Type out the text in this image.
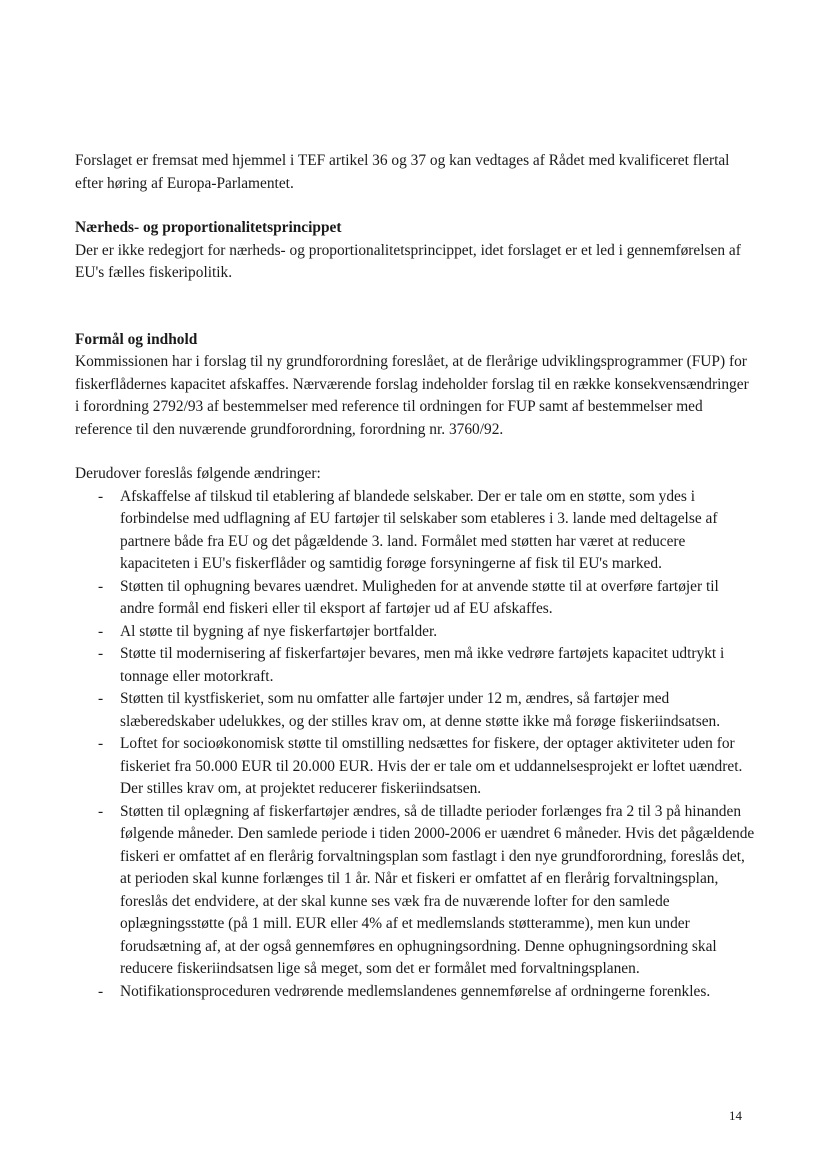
Forslaget er fremsat med hjemmel i TEF artikel 36 og 37 og kan vedtages af Rådet med kvalificeret flertal efter høring af Europa-Parlamentet.

Nærheds- og proportionalitetsprincippet

Der er ikke redegjort for nærheds- og proportionalitetsprincippet, idet forslaget er et led i gennemførelsen af EU's fælles fiskeripolitik.

Formål og indhold

Kommissionen har i forslag til ny grundforordning foreslået, at de flerårige udviklingsprogrammer (FUP) for fiskerflådernes kapacitet afskaffes. Nærværende forslag indeholder forslag til en række konsekvensændringer i forordning 2792/93 af bestemmelser med reference til ordningen for FUP samt af bestemmelser med reference til den nuværende grundforordning, forordning nr. 3760/92.

Derudover foreslås følgende ændringer:

- Afskaffelse af tilskud til etablering af blandede selskaber. Der er tale om en støtte, som ydes i forbindelse med udflagning af EU fartøjer til selskaber som etableres i 3. lande med deltagelse af partnere både fra EU og det pågældende 3. land. Formålet med støtten har været at reducere kapaciteten i EU's fiskerflåder og samtidig forøge forsyningerne af fisk til EU's marked.
- Støtten til ophugning bevares uændret. Muligheden for at anvende støtte til at overføre fartøjer til andre formål end fiskeri eller til eksport af fartøjer ud af EU afskaffes.
- Al støtte til bygning af nye fiskerfartøjer bortfalder.
- Støtte til modernisering af fiskerfartøjer bevares, men må ikke vedrøre fartøjets kapacitet udtrykt i tonnage eller motorkraft.
- Støtten til kystfiskeriet, som nu omfatter alle fartøjer under 12 m, ændres, så fartøjer med slæberedskaber udelukkes, og der stilles krav om, at denne støtte ikke må forøge fiskeriindsatsen.
- Loftet for socioøkonomisk støtte til omstilling nedsættes for fiskere, der optager aktiviteter uden for fiskeriet fra 50.000 EUR til 20.000 EUR. Hvis der er tale om et uddannelsesprojekt er loftet uændret. Der stilles krav om, at projektet reducerer fiskeriindsatsen.
- Støtten til oplægning af fiskerfartøjer ændres, så de tilladte perioder forlænges fra 2 til 3 på hinanden følgende måneder. Den samlede periode i tiden 2000-2006 er uændret 6 måneder. Hvis det pågældende fiskeri er omfattet af en flerårig forvaltningsplan som fastlagt i den nye grundforordning, foreslås det, at perioden skal kunne forlænges til 1 år. Når et fiskeri er omfattet af en flerårig forvaltningsplan, foreslås det endvidere, at der skal kunne ses væk fra de nuværende lofter for den samlede oplægningsstøtte (på 1 mill. EUR eller 4% af et medlemslands støtteramme), men kun under forudsætning af, at der også gennemføres en ophugningsordning. Denne ophugningsordning skal reducere fiskeriindsatsen lige så meget, som det er formålet med forvaltningsplanen.
- Notifikationsproceduren vedrørende medlemslandenes gennemførelse af ordningerne forenkles.
14
